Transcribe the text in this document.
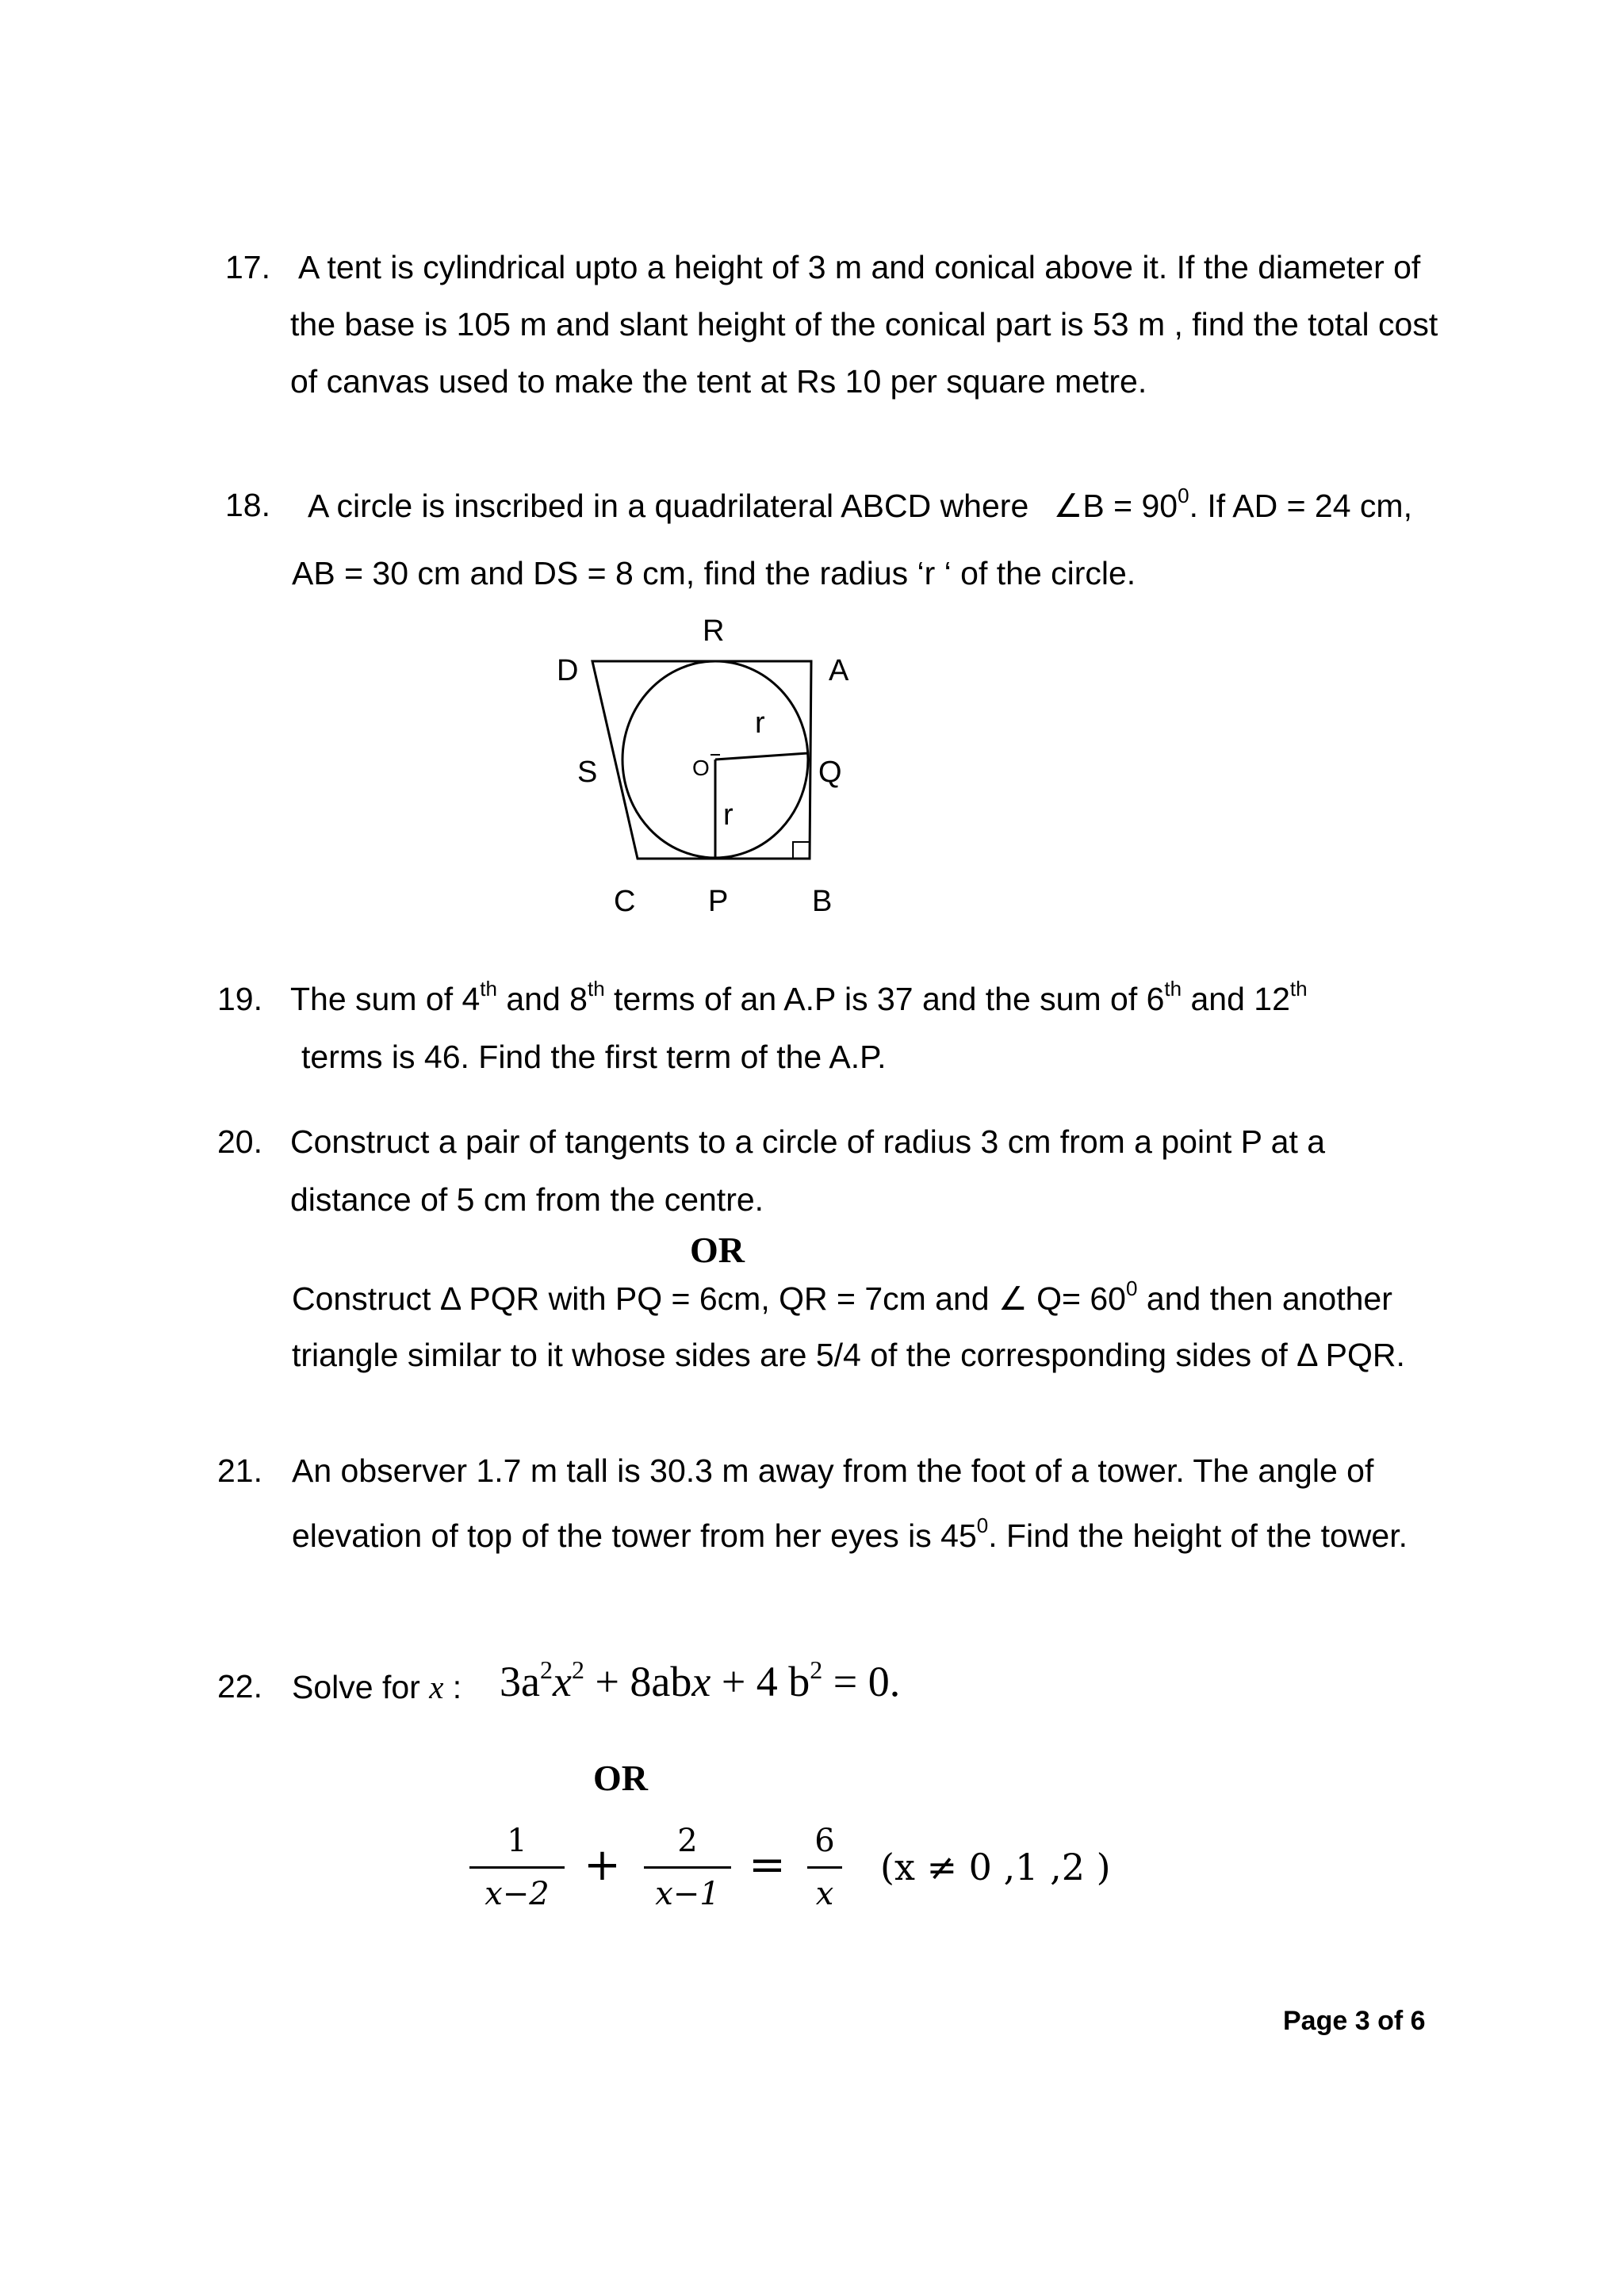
17. A tent is cylindrical upto a height of 3 m and conical above it. If the diameter of
the base is 105 m and slant height of the conical part is 53 m , find the total cost
of canvas used to make the tent at Rs 10 per square metre.
18. A circle is inscribed in a quadrilateral ABCD where ∠B = $90^0$. If AD = 24 cm,
AB = 30 cm and DS = 8 cm, find the radius ‘r ‘ of the circle.
R
D	A
r
O
S	Q
r
C P	B
19. The sum of 4th and 8th terms of an A.P is 37 and the sum of 6th and 12th
terms is 46. Find the first term of the A.P.
20. Construct a pair of tangents to a circle of radius 3 cm from a point P at a
distance of 5 cm from the centre.
OR
Construct Δ PQR with PQ = 6cm, QR = 7cm and ∠ $Q= 60^0$ and then another
triangle similar to it whose sides are 5/4 of the corresponding sides of Δ PQR.
21. An observer 1.7 m tall is 30.3 m away from the foot of a tower. The angle of
elevation of top of the tower from her eyes is $45^0$. Find the height of the tower.
22. Solve for x : $3a^2x^2 + 8abx + 4$ $b^2 = 0$.
OR
1
x−2
+	2
x−1
= 6
x
(x ≠ 0 ,1 ,2 )
Page 3 of 6
